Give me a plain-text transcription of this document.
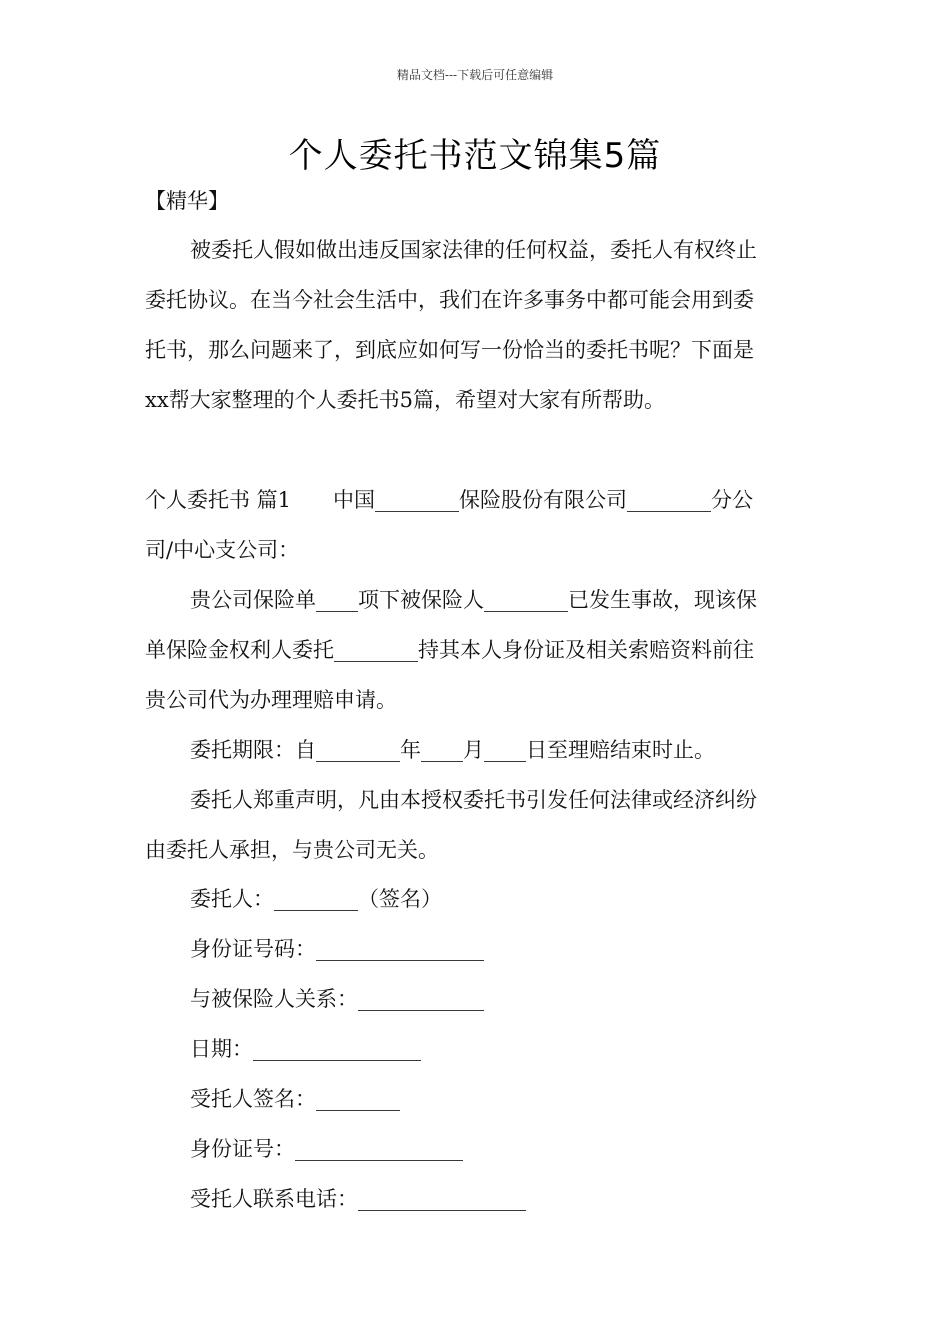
精品文档---下载后可任意编辑
个人委托书范文锦集5篇
【精华】
被委托人假如做出违反国家法律的任何权益，委托人有权终止
委托协议。在当今社会生活中，我们在许多事务中都可能会用到委
托书，那么问题来了，到底应如何写一份恰当的委托书呢？下面是
xx帮大家整理的个人委托书5篇，希望对大家有所帮助。
个人委托书 篇1　　中国________保险股份有限公司________分公
司/中心支公司：
贵公司保险单____项下被保险人________已发生事故，现该保
单保险金权利人委托________持其本人身份证及相关索赔资料前往
贵公司代为办理理赔申请。
委托期限：自________年____月____日至理赔结束时止。
委托人郑重声明，凡由本授权委托书引发任何法律或经济纠纷
由委托人承担，与贵公司无关。
委托人：________（签名）
身份证号码：________________
与被保险人关系：____________
日期：________________
受托人签名：________
身份证号：________________
受托人联系电话：________________
